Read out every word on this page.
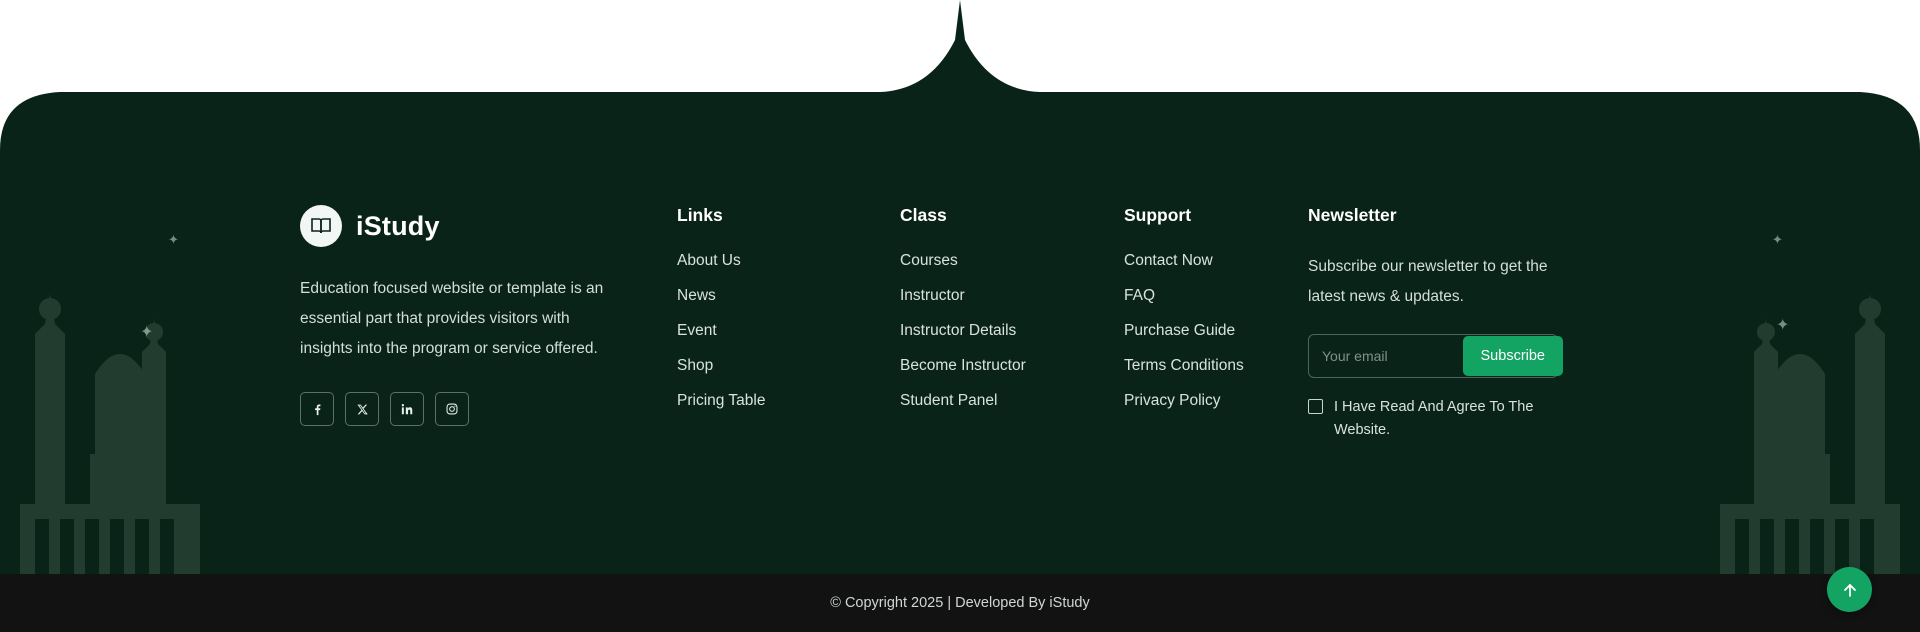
✦
✦
✦
✦
iStudy

Education focused website or template is an essential part that provides visitors with insights into the program or service offered.

Links
About Us
News
Event
Shop
Pricing Table
Class
Courses
Instructor
Instructor Details
Become Instructor
Student Panel
Support
Contact Now
FAQ
Purchase Guide
Terms Conditions
Privacy Policy
Newsletter

Subscribe our newsletter to get the latest news & updates.

Your email
Subscribe
I Have Read And Agree To The Website.
© Copyright 2025 | Developed By iStudy
